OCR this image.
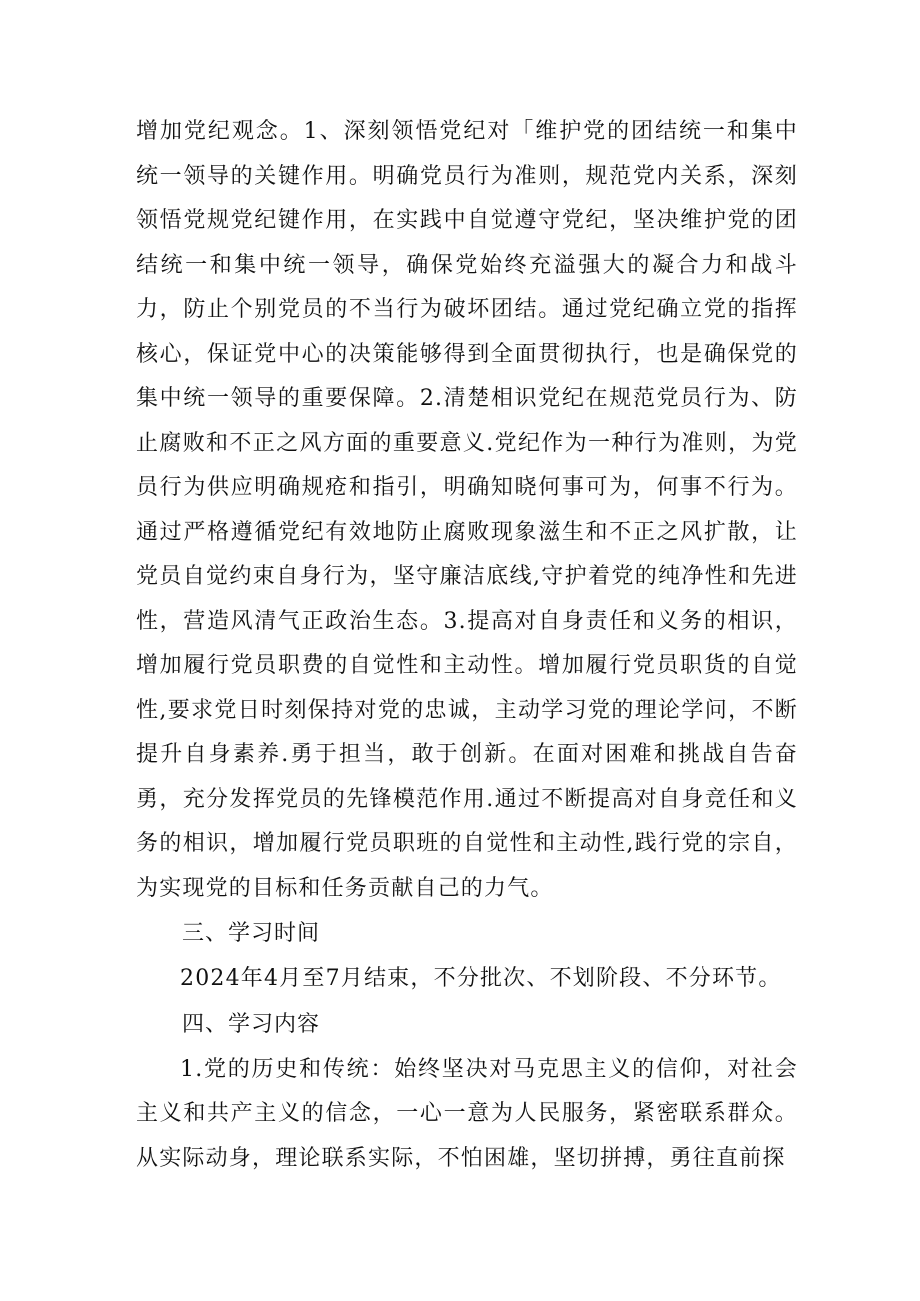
增加党纪观念。1、深刻领悟党纪对「维护党的团结统一和集中统一领导的关键作用。明确党员行为准则，规范党内关系，深刻领悟党规党纪键作用，在实践中自觉遵守党纪，坚决维护党的团结统一和集中统一领导，确保党始终充溢强大的凝合力和战斗力，防止个别党员的不当行为破坏团结。通过党纪确立党的指挥核心，保证党中心的决策能够得到全面贯彻执行，也是确保党的集中统一领导的重要保障。2.清楚相识党纪在规范党员行为、防止腐败和不正之风方面的重要意义.党纪作为一种行为准则，为党员行为供应明确规疮和指引，明确知晓何事可为，何事不行为。通过严格遵循党纪有效地防止腐败现象滋生和不正之风扩散，让党员自觉约束自身行为，坚守廉洁底线,守护着党的纯净性和先进性，营造风清气正政治生态。3.提高对自身责任和义务的相识，增加履行党员职费的自觉性和主动性。增加履行党员职货的自觉性,要求党日时刻保持对党的忠诚，主动学习党的理论学问，不断提升自身素养.勇于担当，敢于创新。在面对困难和挑战自告奋勇，充分发挥党员的先锋模范作用.通过不断提高对自身竞任和义务的相识，增加履行党员职班的自觉性和主动性,践行党的宗自，为实现党的目标和任务贡献自己的力气。

三、学习时间

2024年4月至7月结束，不分批次、不划阶段、不分环节。

四、学习内容

1.党的历史和传统：始终坚决对马克思主义的信仰，对社会主义和共产主义的信念，一心一意为人民服务，紧密联系群众。从实际动身，理论联系实际，不怕困雄，坚切拼搏，勇往直前探
